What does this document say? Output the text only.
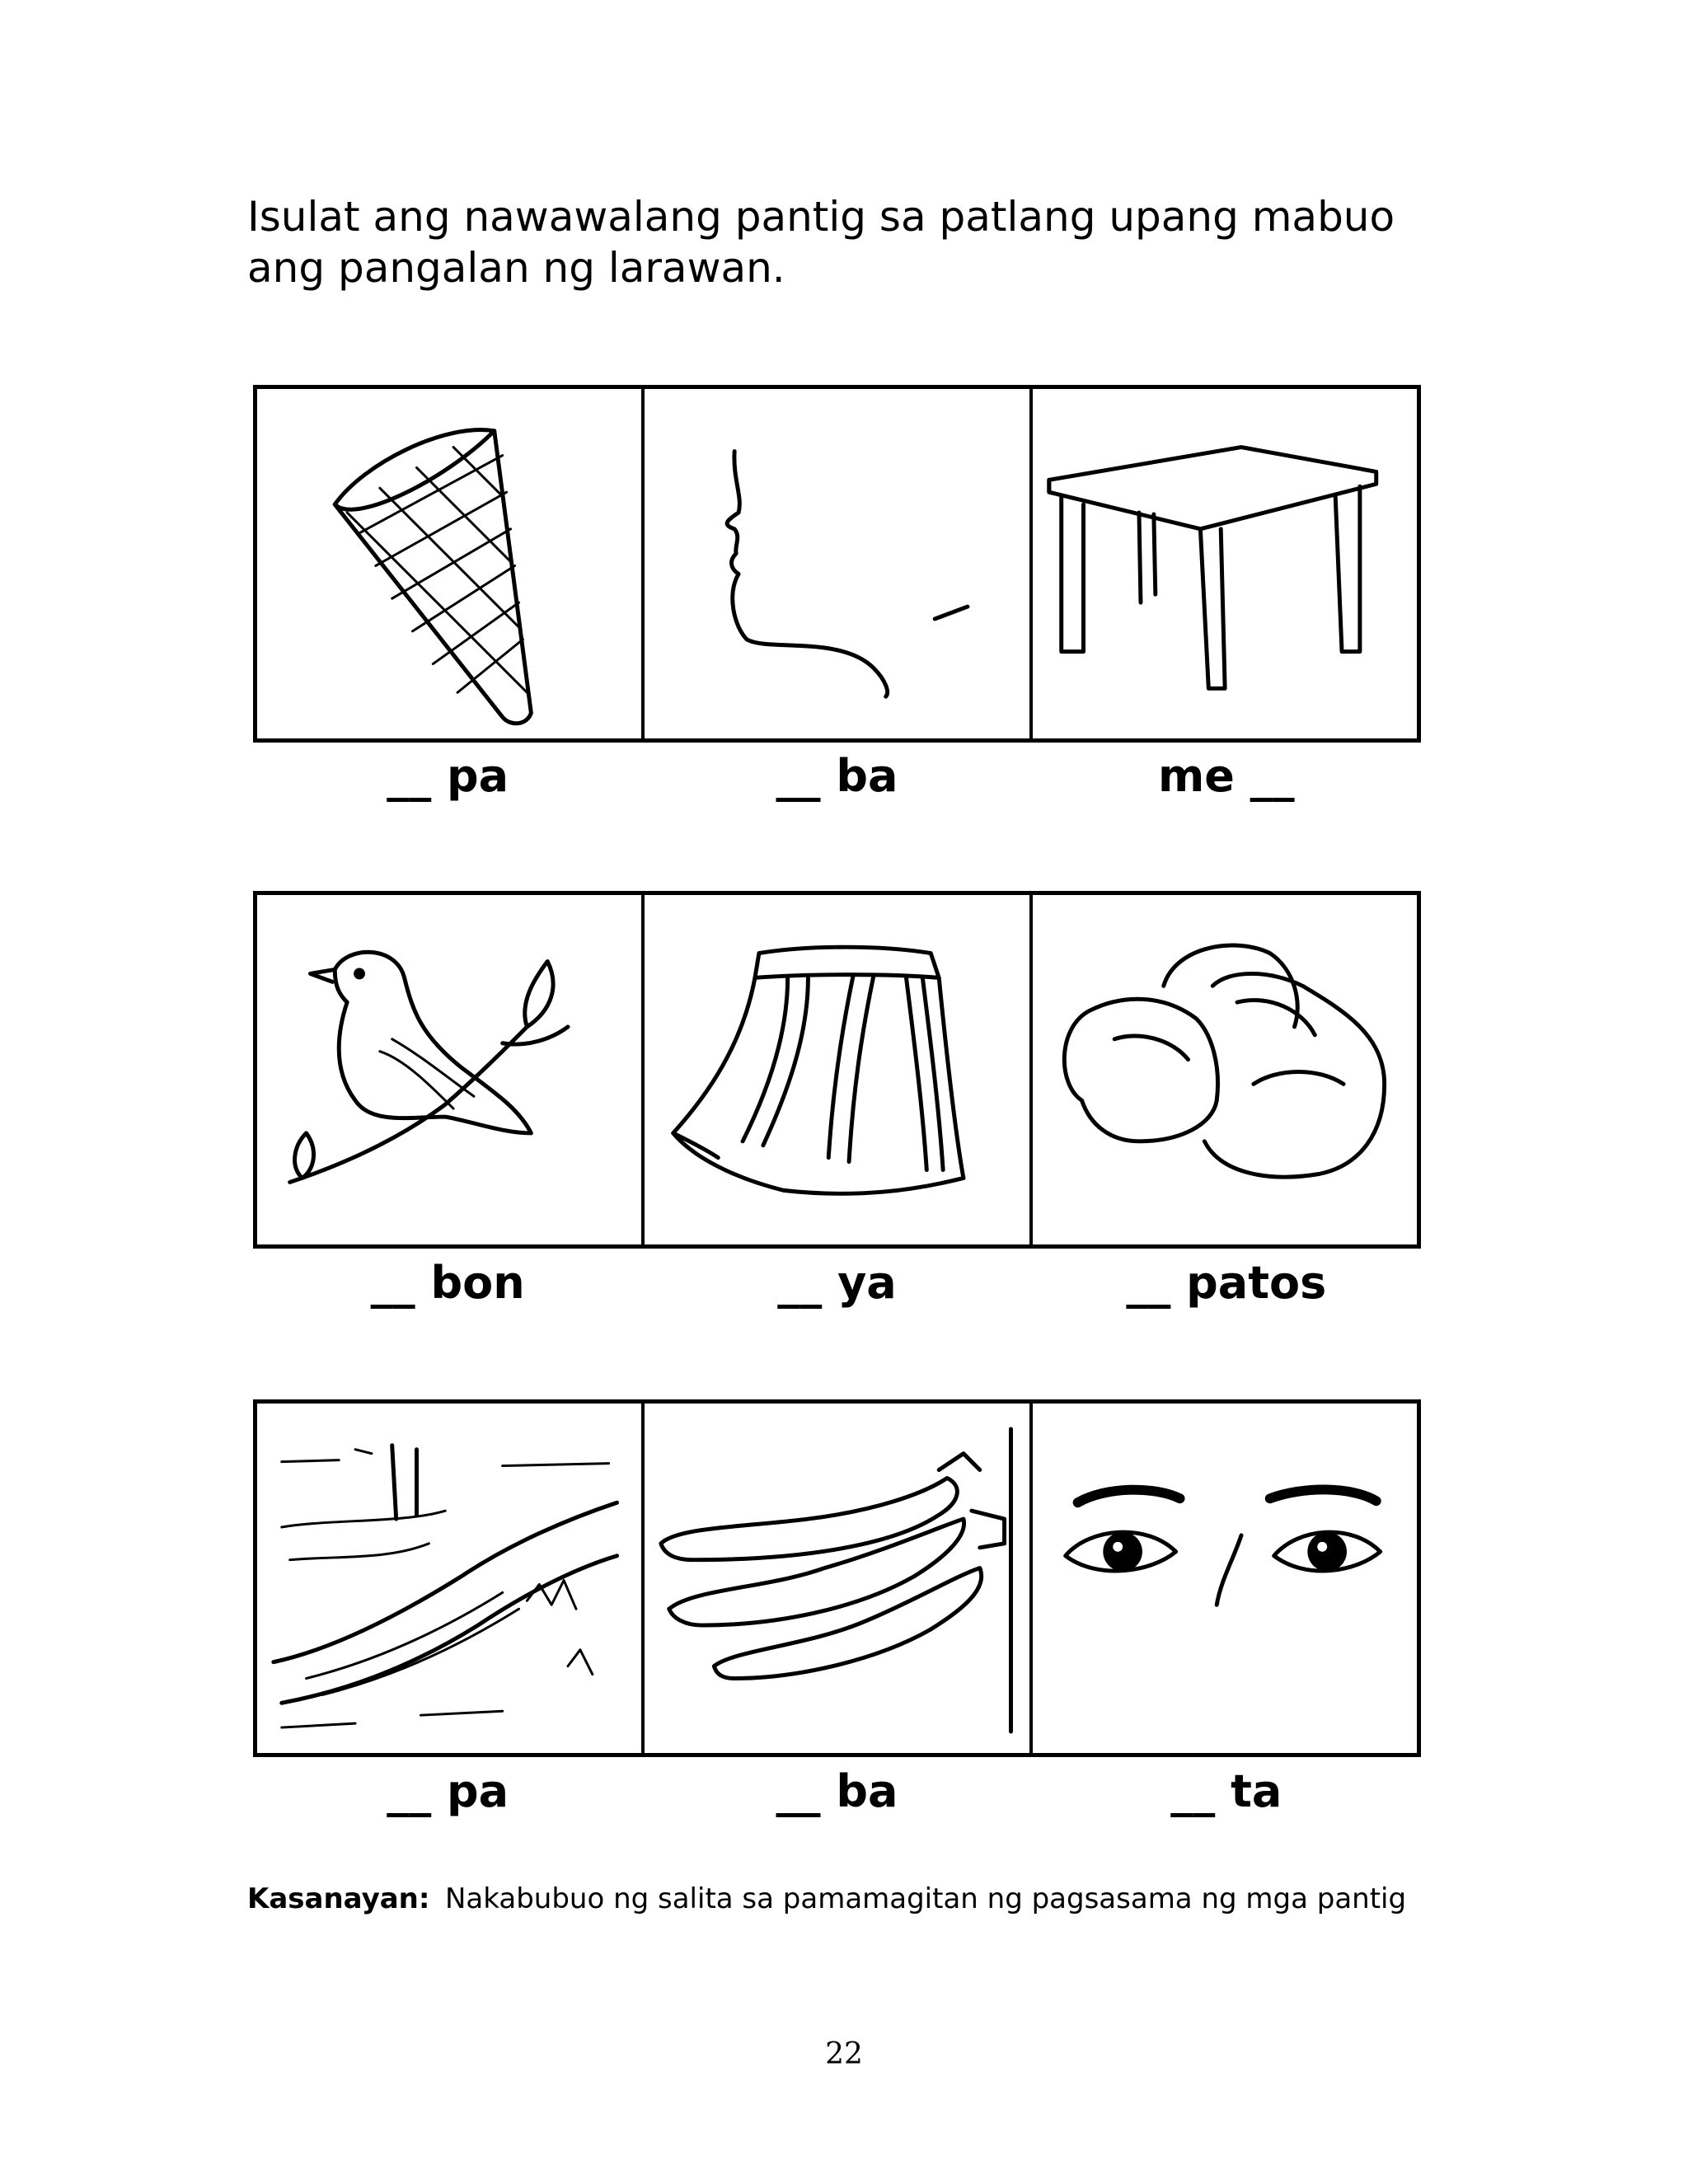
Isulat ang nawawalang pantig sa patlang upang mabuo
ang pangalan ng larawan.
__ pa	__ ba	me __
__ bon	__ ya	__ patos
__ pa	__ ba	__ ta
Kasanayan: Nakabubuo ng salita sa pamamagitan ng pagsasama ng mga pantig
22
